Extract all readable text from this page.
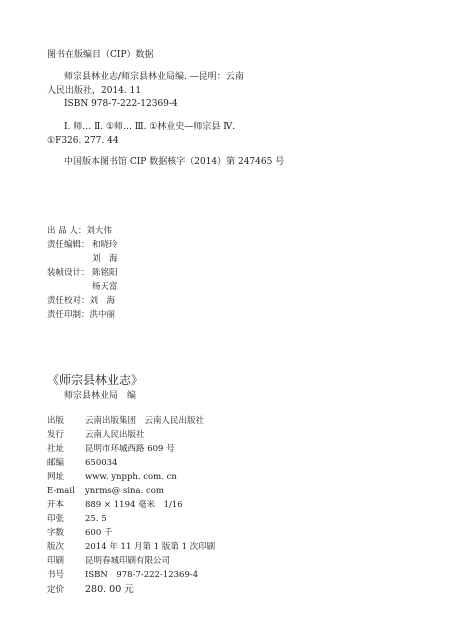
图书在版编目（CIP）数据
师宗县林业志/师宗县林业局编. —昆明：云南
人民出版社，2014. 11
ISBN 978-7-222-12369-4
Ⅰ. 师… Ⅱ. ①师… Ⅲ. ①林业史—师宗县 Ⅳ.
①F326. 277. 44
中国版本图书馆 CIP 数据核字（2014）第 247465 号
出 品 人：刘大伟
责任编辑： 和晓玲
刘　海
装帧设计： 陈铭阳
杨天富
责任校对：刘　海
责任印制：洪中丽
《师宗县林业志》
师宗县林业局　编
出版	云南出版集团　云南人民出版社
发行	云南人民出版社
社址	昆明市环城西路 609 号
邮编	650034
网址	www. ynpph. com. cn
E-mail	ynrms@ sina. com
开本	889 × 1194 毫米　1/16
印张	25. 5
字数	600 千
版次	2014 年 11 月第 1 版第 1 次印刷
印刷	昆明春城印刷有限公司
书号	ISBN　978-7-222-12369-4
定价	280. 00 元
